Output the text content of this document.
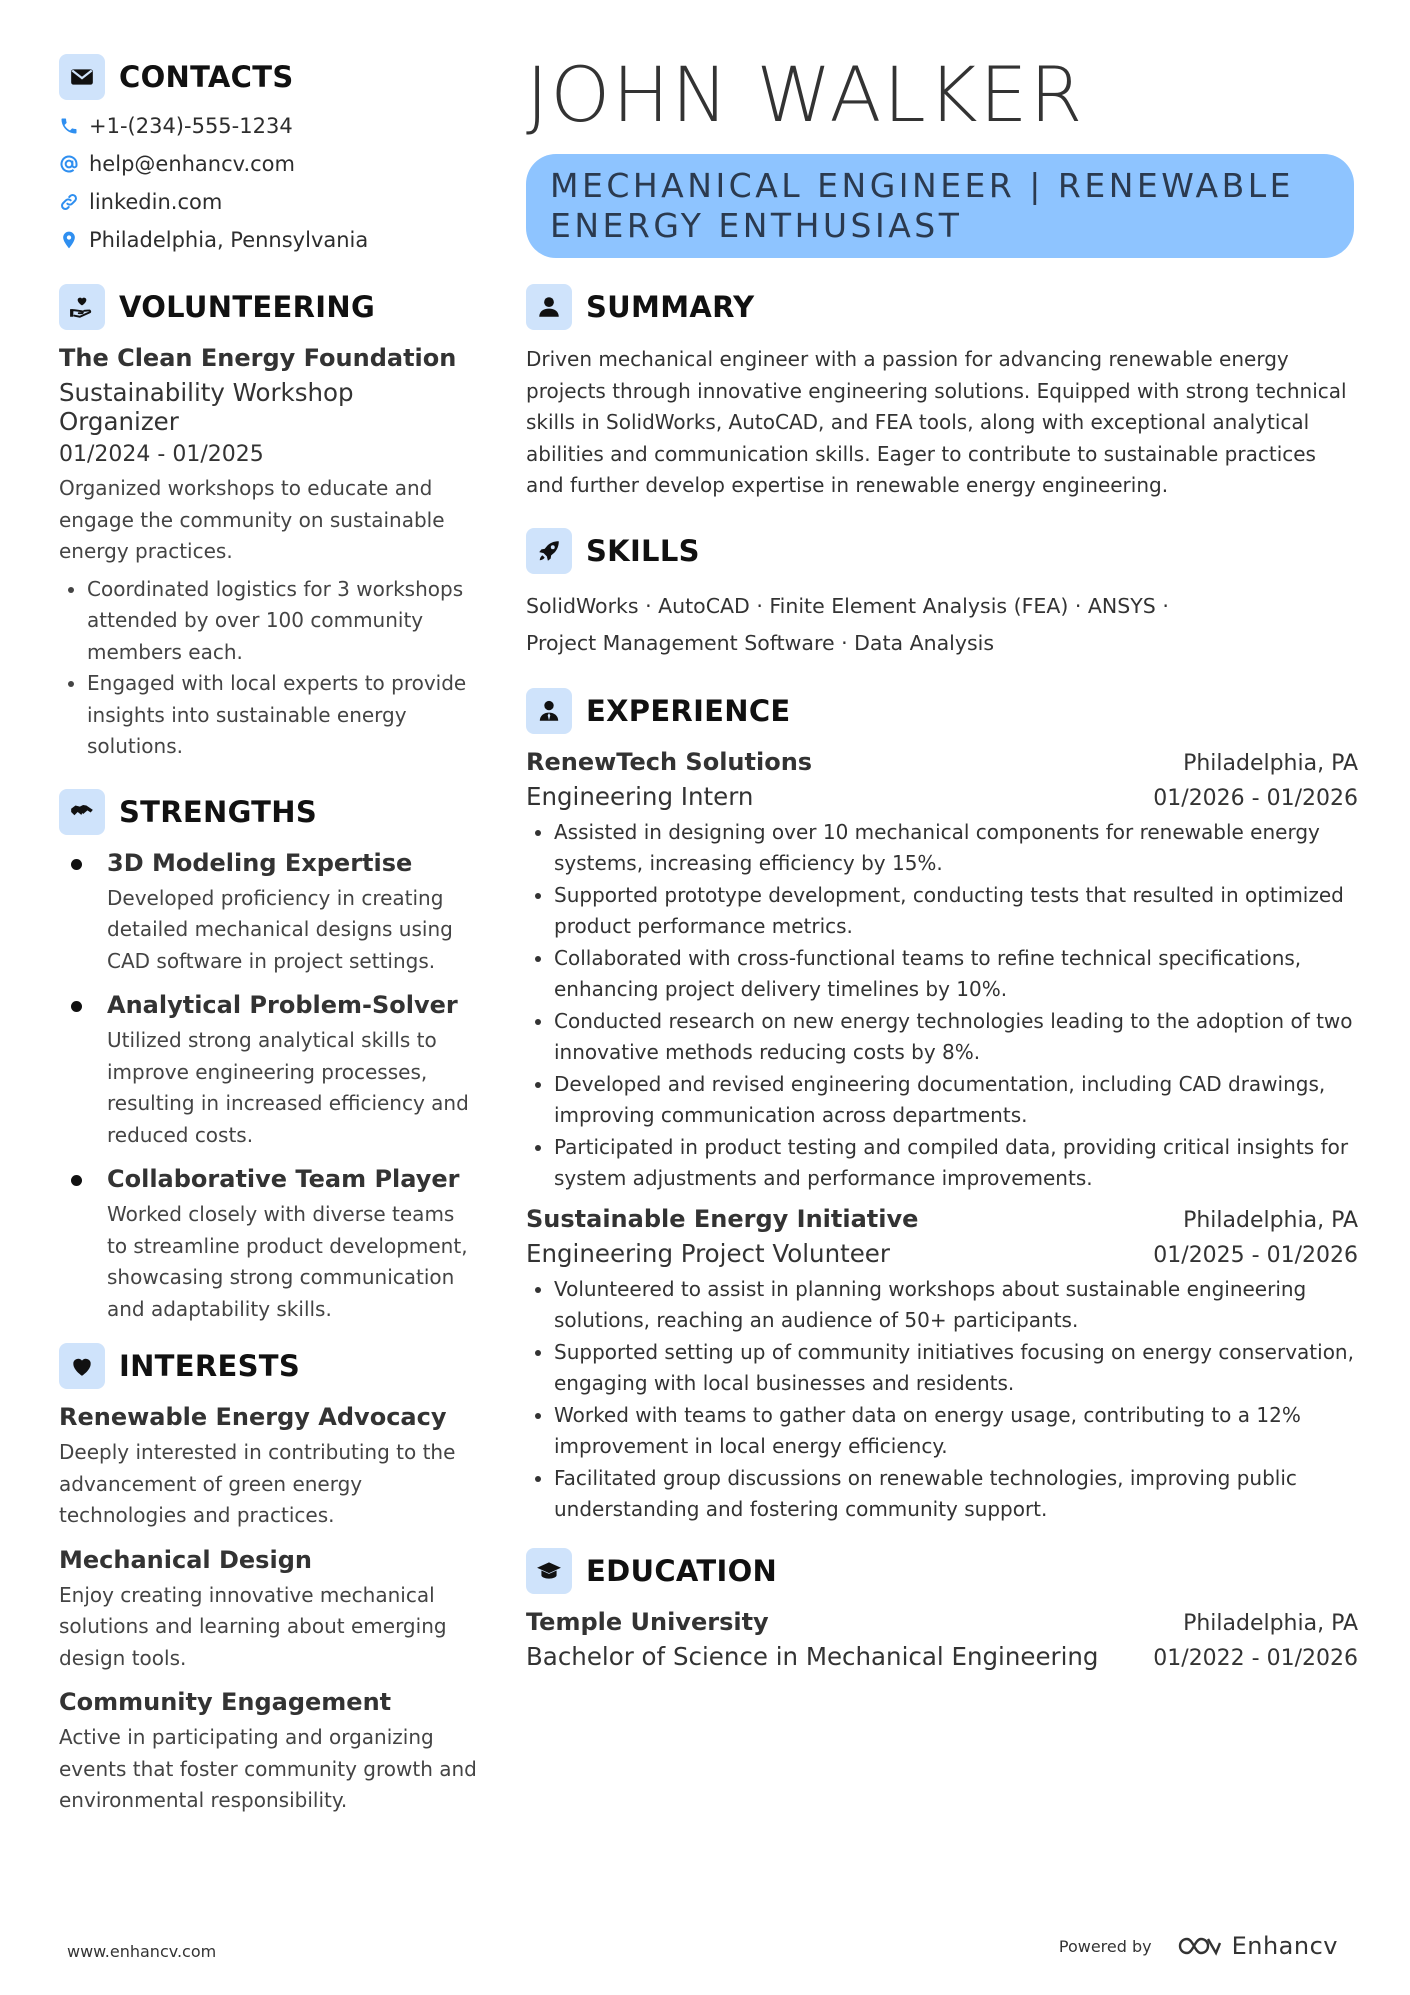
CONTACTS
+1-(234)-555-1234
help@enhancv.com
linkedin.com
Philadelphia, Pennsylvania
VOLUNTEERING
The Clean Energy Foundation
Sustainability Workshop Organizer
01/2024 - 01/2025
Organized workshops to educate and engage the community on sustainable energy practices.
• Coordinated logistics for 3 workshops attended by over 100 community members each.
• Engaged with local experts to provide insights into sustainable energy solutions.
STRENGTHS
3D Modeling Expertise
Developed proficiency in creating detailed mechanical designs using CAD software in project settings.
Analytical Problem-Solver
Utilized strong analytical skills to improve engineering processes, resulting in increased efficiency and reduced costs.
Collaborative Team Player
Worked closely with diverse teams to streamline product development, showcasing strong communication and adaptability skills.
INTERESTS
Renewable Energy Advocacy
Deeply interested in contributing to the advancement of green energy technologies and practices.
Mechanical Design
Enjoy creating innovative mechanical solutions and learning about emerging design tools.
Community Engagement
Active in participating and organizing events that foster community growth and environmental responsibility.
JOHN WALKER
MECHANICAL ENGINEER | RENEWABLE ENERGY ENTHUSIAST
SUMMARY
Driven mechanical engineer with a passion for advancing renewable energy projects through innovative engineering solutions. Equipped with strong technical skills in SolidWorks, AutoCAD, and FEA tools, along with exceptional analytical abilities and communication skills. Eager to contribute to sustainable practices and further develop expertise in renewable energy engineering.
SKILLS
SolidWorks · AutoCAD · Finite Element Analysis (FEA) · ANSYS ·
Project Management Software · Data Analysis
EXPERIENCE
RenewTech Solutions	Philadelphia, PA
Engineering Intern	01/2026 - 01/2026
• Assisted in designing over 10 mechanical components for renewable energy systems, increasing efficiency by 15%.
• Supported prototype development, conducting tests that resulted in optimized product performance metrics.
• Collaborated with cross-functional teams to refine technical specifications, enhancing project delivery timelines by 10%.
• Conducted research on new energy technologies leading to the adoption of two innovative methods reducing costs by 8%.
• Developed and revised engineering documentation, including CAD drawings, improving communication across departments.
• Participated in product testing and compiled data, providing critical insights for system adjustments and performance improvements.
Sustainable Energy Initiative	Philadelphia, PA
Engineering Project Volunteer	01/2025 - 01/2026
• Volunteered to assist in planning workshops about sustainable engineering solutions, reaching an audience of 50+ participants.
• Supported setting up of community initiatives focusing on energy conservation, engaging with local businesses and residents.
• Worked with teams to gather data on energy usage, contributing to a 12% improvement in local energy efficiency.
• Facilitated group discussions on renewable technologies, improving public understanding and fostering community support.
EDUCATION
Temple University	Philadelphia, PA
Bachelor of Science in Mechanical Engineering 01/2022 - 01/2026
www.enhancv.com	Powered by	Enhancv
